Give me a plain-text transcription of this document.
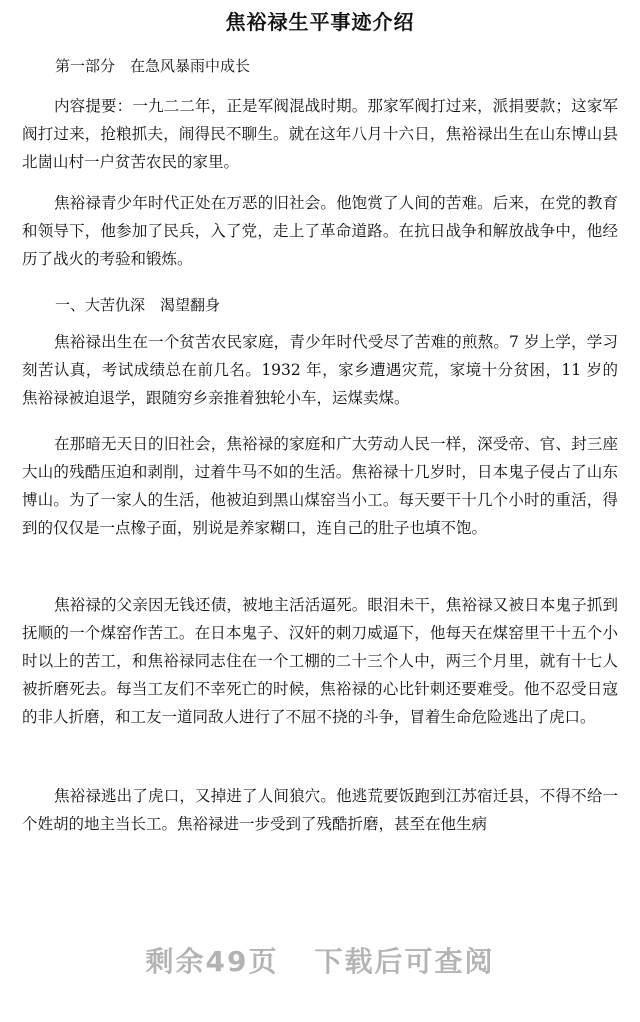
焦裕禄生平事迹介绍
第一部分　在急风暴雨中成长

内容提要：一九二二年，正是军阀混战时期。那家军阀打过来，派捐要款；这家军阀打过来，抢粮抓夫，闹得民不聊生。就在这年八月十六日，焦裕禄出生在山东博山县北崮山村一户贫苦农民的家里。

焦裕禄青少年时代正处在万恶的旧社会。他饱赏了人间的苦难。后来，在党的教育和领导下，他参加了民兵，入了党，走上了革命道路。在抗日战争和解放战争中，他经历了战火的考验和锻炼。

一、大苦仇深　渴望翻身

焦裕禄出生在一个贫苦农民家庭，青少年时代受尽了苦难的煎熬。7 岁上学，学习刻苦认真，考试成绩总在前几名。1932 年，家乡遭遇灾荒，家境十分贫困，11 岁的焦裕禄被迫退学，跟随穷乡亲推着独轮小车，运煤卖煤。

在那暗无天日的旧社会，焦裕禄的家庭和广大劳动人民一样，深受帝、官、封三座大山的残酷压迫和剥削，过着牛马不如的生活。焦裕禄十几岁时，日本鬼子侵占了山东博山。为了一家人的生活，他被迫到黑山煤窑当小工。每天要干十几个小时的重活，得到的仅仅是一点橡子面，别说是养家糊口，连自己的肚子也填不饱。

焦裕禄的父亲因无钱还债，被地主活活逼死。眼泪未干，焦裕禄又被日本鬼子抓到抚顺的一个煤窑作苦工。在日本鬼子、汉奸的刺刀威逼下，他每天在煤窑里干十五个小时以上的苦工，和焦裕禄同志住在一个工棚的二十三个人中，两三个月里，就有十七人被折磨死去。每当工友们不幸死亡的时候，焦裕禄的心比针刺还要难受。他不忍受日寇的非人折磨，和工友一道同敌人进行了不屈不挠的斗争，冒着生命危险逃出了虎口。

焦裕禄逃出了虎口，又掉进了人间狼穴。他逃荒要饭跑到江苏宿迁县，不得不给一个姓胡的地主当长工。焦裕禄进一步受到了残酷折磨，甚至在他生病

剩余49页 下载后可查阅
